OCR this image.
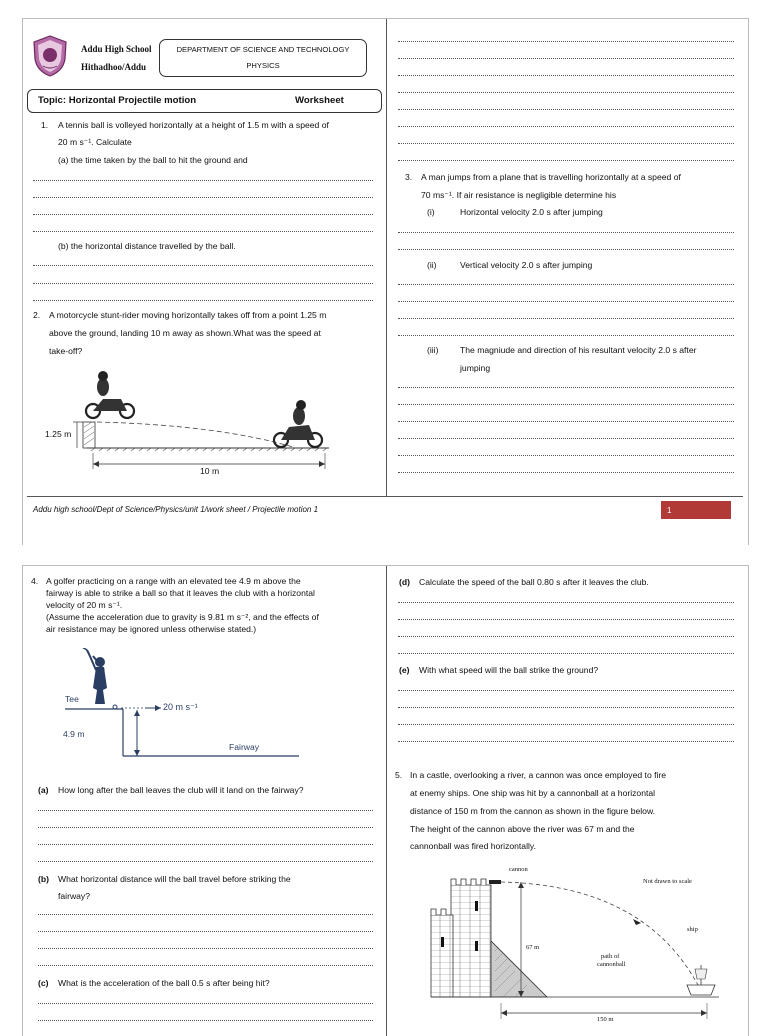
Addu High School
Hithadhoo/Addu
DEPARTMENT OF SCIENCE AND TECHNOLOGY
PHYSICS
Topic: Horizontal Projectile motion	Worksheet
1. A tennis ball is volleyed horizontally at a height of 1.5 m with a speed of
20 m s⁻¹. Calculate
(a) the time taken by the ball to hit the ground and
(b) the horizontal distance travelled by the ball.
2. A motorcycle stunt-rider moving horizontally takes off from a point 1.25 m
above the ground, landing 10 m away as shown.What was the speed at
take-off?
1.25 m
10 m
3. A man jumps from a plane that is travelling horizontally at a speed of
70 ms⁻¹. If air resistance is negligible determine his
(i)	Horizontal velocity 2.0 s after jumping
(ii)	Vertical velocity 2.0 s after jumping
(iii)	The magniude and direction of his resultant velocity 2.0 s after
jumping
Addu high school/Dept of Science/Physics/unit 1/work sheet / Projectile motion 1	1
4. A golfer practicing on a range with an elevated tee 4.9 m above the
fairway is able to strike a ball so that it leaves the club with a horizontal
velocity of 20 m s⁻¹.
(Assume the acceleration due to gravity is 9.81 m s⁻², and the effects of
air resistance may be ignored unless otherwise stated.)
Tee
20 m s⁻¹
4.9 m
Fairway
(a) How long after the ball leaves the club will it land on the fairway?
(b) What horizontal distance will the ball travel before striking the
fairway?
(c) What is the acceleration of the ball 0.5 s after being hit?
(d) Calculate the speed of the ball 0.80 s after it leaves the club.
(e) With what speed will the ball strike the ground?
5. In a castle, overlooking a river, a cannon was once employed to fire
at enemy ships. One ship was hit by a cannonball at a horizontal
distance of 150 m from the cannon as shown in the figure below.
The height of the cannon above the river was 67 m and the
cannonball was fired horizontally.
cannon
Not drawn to scale
ship
67 m
path of
cannonball
150 m
